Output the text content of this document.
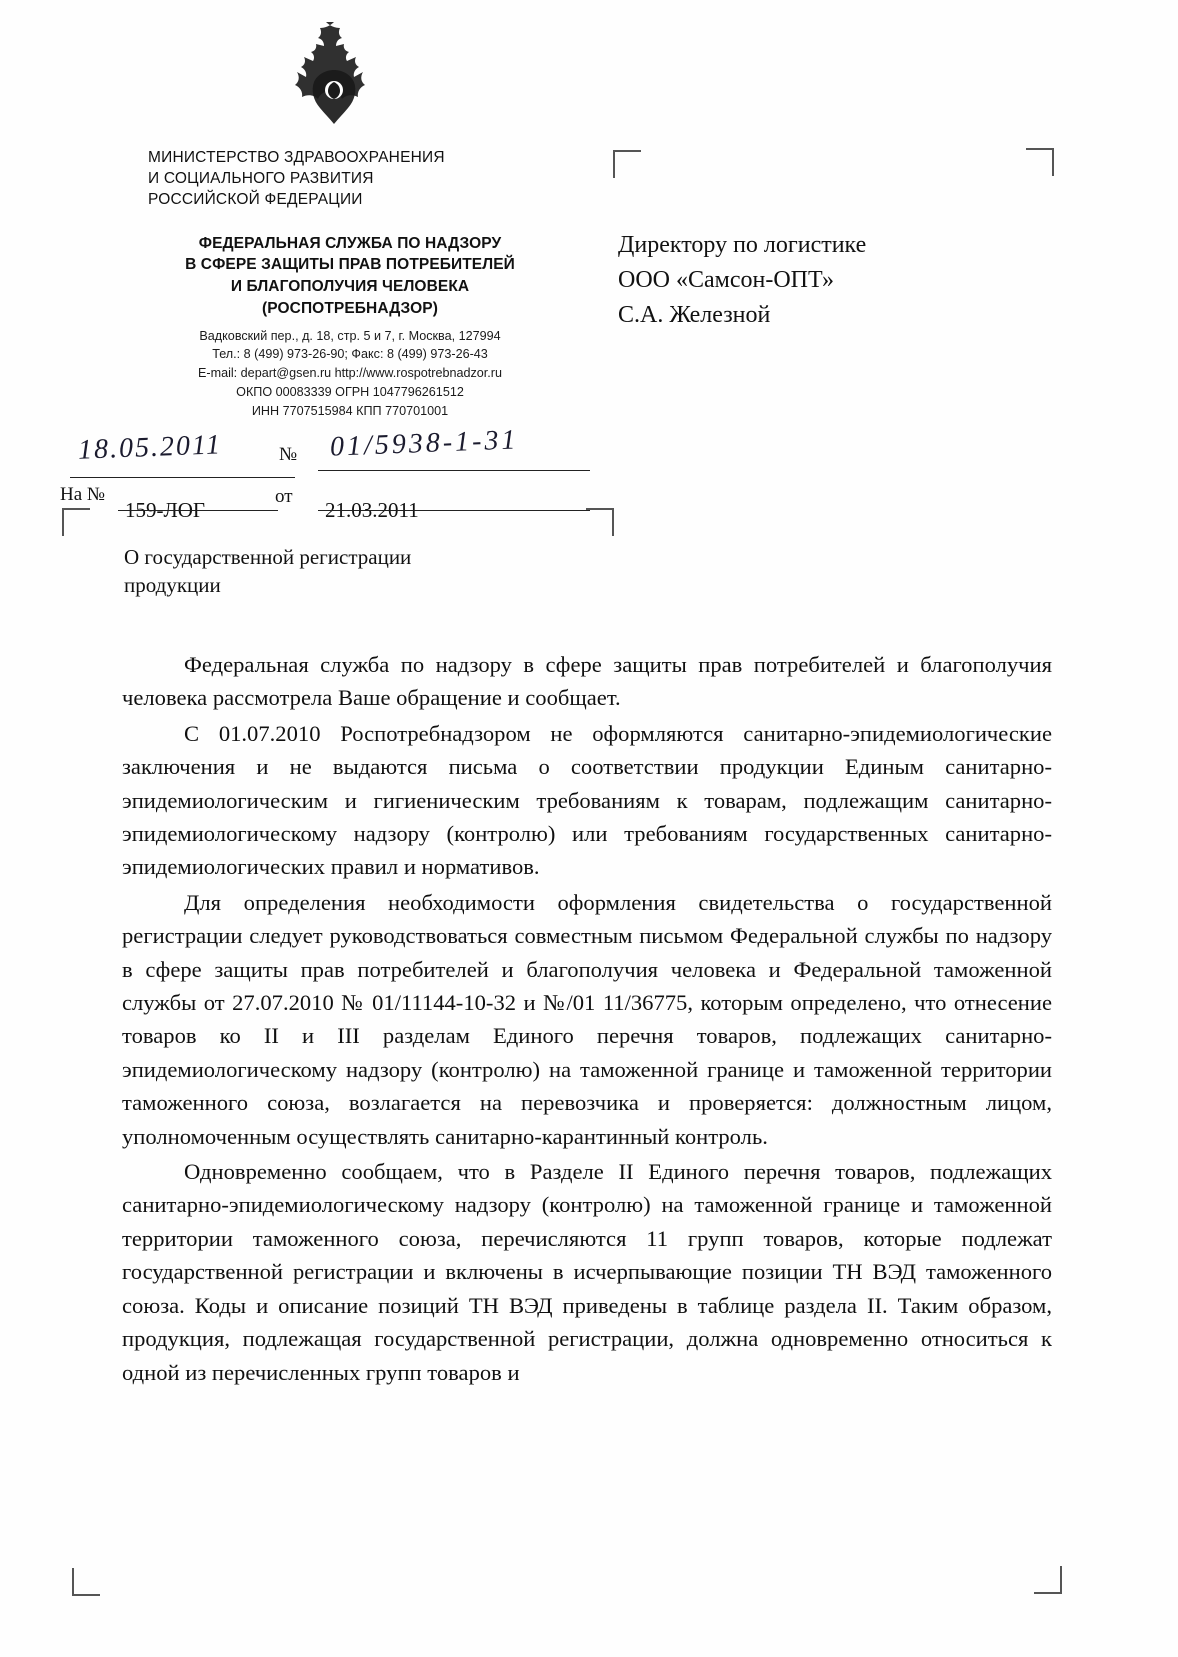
МИНИСТЕРСТВО ЗДРАВООХРАНЕНИЯ
И СОЦИАЛЬНОГО РАЗВИТИЯ
РОССИЙСКОЙ ФЕДЕРАЦИИ
ФЕДЕРАЛЬНАЯ СЛУЖБА ПО НАДЗОРУ
В СФЕРЕ ЗАЩИТЫ ПРАВ ПОТРЕБИТЕЛЕЙ
И БЛАГОПОЛУЧИЯ ЧЕЛОВЕКА
(РОСПОТРЕБНАДЗОР)
Вадковский пер., д. 18, стр. 5 и 7, г. Москва, 127994
Тел.: 8 (499) 973-26-90; Факс: 8 (499) 973-26-43
E-mail: depart@gsen.ru http://www.rospotrebnadzor.ru
ОКПО 00083339 ОГРН 1047796261512
ИНН 7707515984 КПП 770701001
Директору по логистике
ООО «Самсон-ОПТ»
С.А. Железной
18.05.2011	№ 01/5938-1-31
На №
159-ЛОГ
от
21.03.2011
О государственной регистрации
продукции

Федеральная служба по надзору в сфере защиты прав потребителей и благополучия человека рассмотрела Ваше обращение и сообщает.

С 01.07.2010 Роспотребнадзором не оформляются санитарно-эпидемиологические заключения и не выдаются письма о соответствии продукции Единым санитарно-эпидемиологическим и гигиеническим требованиям к товарам, подлежащим санитарно-эпидемиологическому надзору (контролю) или требованиям государственных санитарно-эпидемиологических правил и нормативов.

Для определения необходимости оформления свидетельства о государственной регистрации следует руководствоваться совместным письмом Федеральной службы по надзору в сфере защиты прав потребителей и благополучия человека и Федеральной таможенной службы от 27.07.2010 № 01/11144-10-32 и №/01 11/36775, которым определено, что отнесение товаров ко II и III разделам Единого перечня товаров, подлежащих санитарно-эпидемиологическому надзору (контролю) на таможенной границе и таможенной территории таможенного союза, возлагается на перевозчика и проверяется: должностным лицом, уполномоченным осуществлять санитарно-карантинный контроль.

Одновременно сообщаем, что в Разделе II Единого перечня товаров, подлежащих санитарно-эпидемиологическому надзору (контролю) на таможенной границе и таможенной территории таможенного союза, перечисляются 11 групп товаров, которые подлежат государственной регистрации и включены в исчерпывающие позиции ТН ВЭД таможенного союза. Коды и описание позиций ТН ВЭД приведены в таблице раздела II. Таким образом, продукция, подлежащая государственной регистрации, должна одновременно относиться к одной из перечисленных групп товаров и
